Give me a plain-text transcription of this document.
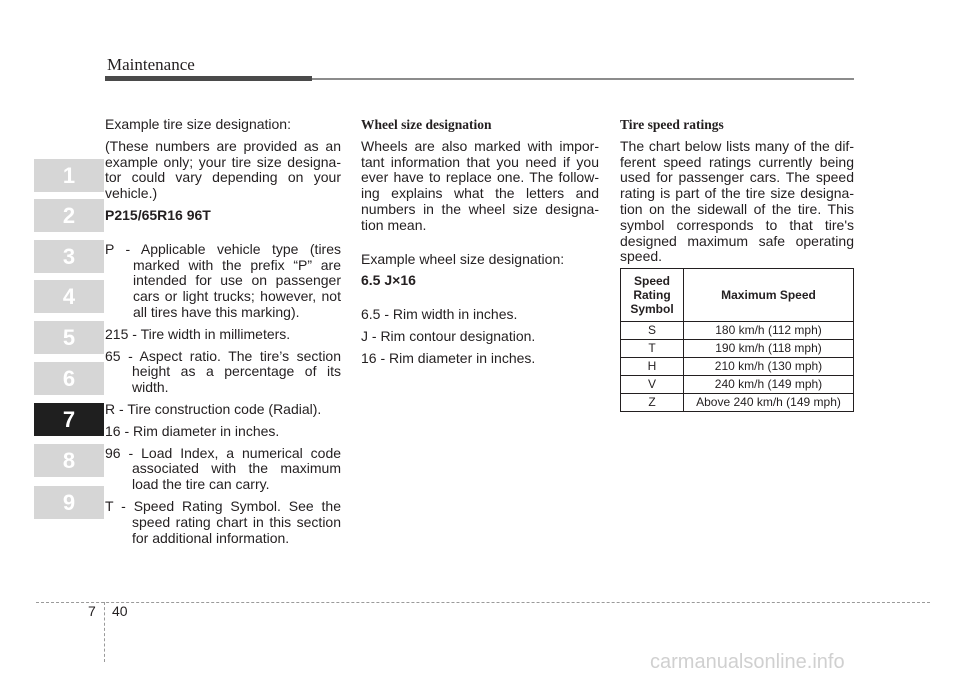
Maintenance
1
2
3
4
5
6
7
8
9

Example tire size designation:

(These numbers are provided as an example only; your tire size designa-tor could vary depending on your vehicle.)

P215/65R16 96T

P - Applicable vehicle type (tires marked with the prefix “P” are intended for use on passenger cars or light trucks; however, not all tires have this marking).

215 - Tire width in millimeters.

65 - Aspect ratio. The tire’s section height as a percentage of its width.

R - Tire construction code (Radial).

16 - Rim diameter in inches.

96 - Load Index, a numerical code associated with the maximum load the tire can carry.

T - Speed Rating Symbol. See the speed rating chart in this section for additional information.

Wheel size designation

Wheels are also marked with impor-tant information that you need if you ever have to replace one. The follow-ing explains what the letters and numbers in the wheel size designa-tion mean.

Example wheel size designation:

6.5 J×16

6.5 - Rim width in inches.

J - Rim contour designation.

16 - Rim diameter in inches.

Tire speed ratings

The chart below lists many of the dif-ferent speed ratings currently being used for passenger cars. The speed rating is part of the tire size designa-tion on the sidewall of the tire. This symbol corresponds to that tire's designed maximum safe operating speed.

Speed Rating Symbol	Maximum Speed
S	180 km/h (112 mph)
T	190 km/h (118 mph)
H	210 km/h (130 mph)
V	240 km/h (149 mph)
Z	Above 240 km/h (149 mph)
7 40
carmanualsonline.info
